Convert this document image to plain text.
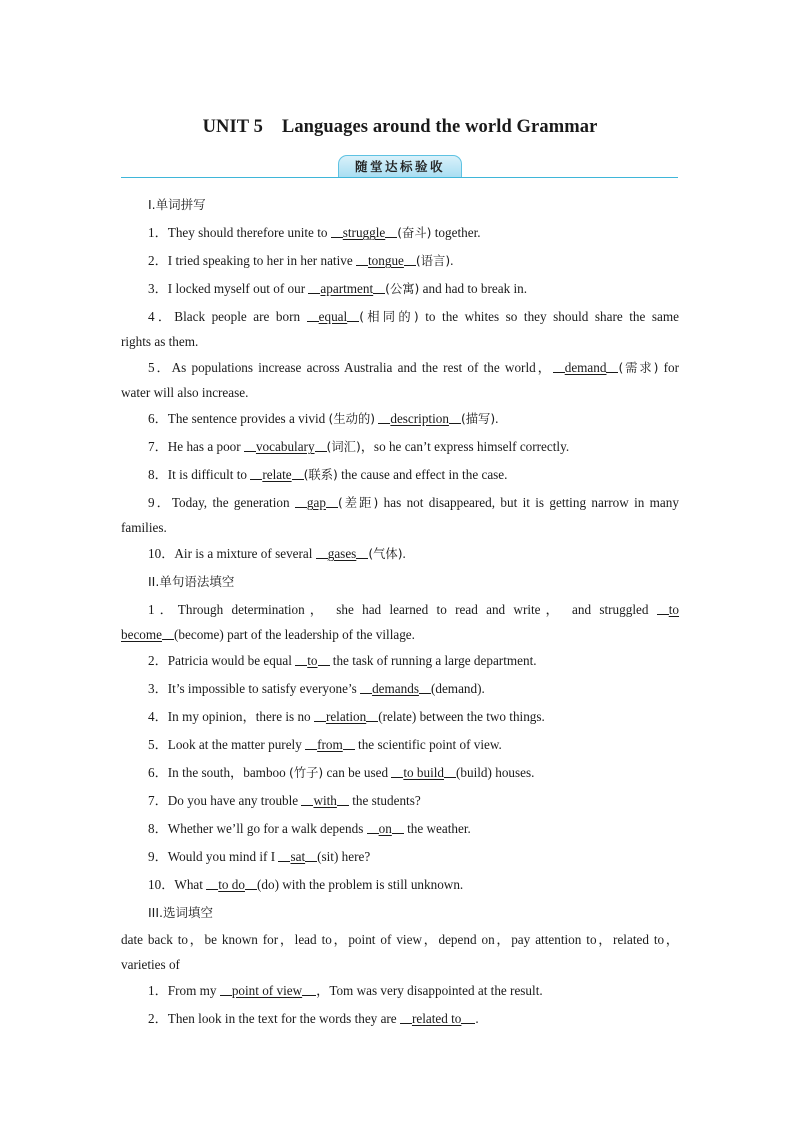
UNIT 5    Languages around the world Grammar
随堂达标验收
I.单词拼写
1．They should therefore unite to struggle (奋斗) together.
2．I tried speaking to her in her native tongue (语言).
3．I locked myself out of our apartment (公寓) and had to break in.
4．Black people are born equal (相同的) to the whites so they should share the same
rights as them.
5．As populations increase across Australia and the rest of the world， demand (需求) for
water will also increase.
6．The sentence provides a vivid (生动的) description (描写).
7．He has a poor vocabulary (词汇)，so he can’t express himself correctly.
8．It is difficult to relate (联系) the cause and effect in the case.
9．Today, the generation gap (差距) has not disappeared, but it is getting narrow in many
families.
10．Air is a mixture of several gases (气体).
II.单句语法填空
1．Through determination， she had learned to read and write， and struggled to
become (become) part of the leadership of the village.
2．Patricia would be equal to the task of running a large department.
3．It’s impossible to satisfy everyone’s demands (demand).
4．In my opinion，there is no relation (relate) between the two things.
5．Look at the matter purely from the scientific point of view.
6．In the south，bamboo (竹子) can be used to build (build) houses.
7．Do you have any trouble with the students?
8．Whether we’ll go for a walk depends on the weather.
9．Would you mind if I sat (sit) here?
10．What to do (do) with the problem is still unknown.
III.选词填空
date back to，be known for，lead to，point of view，depend on，pay attention to，related to，
varieties of
1．From my point of view ，Tom was very disappointed at the result.
2．Then look in the text for the words they are related to .
